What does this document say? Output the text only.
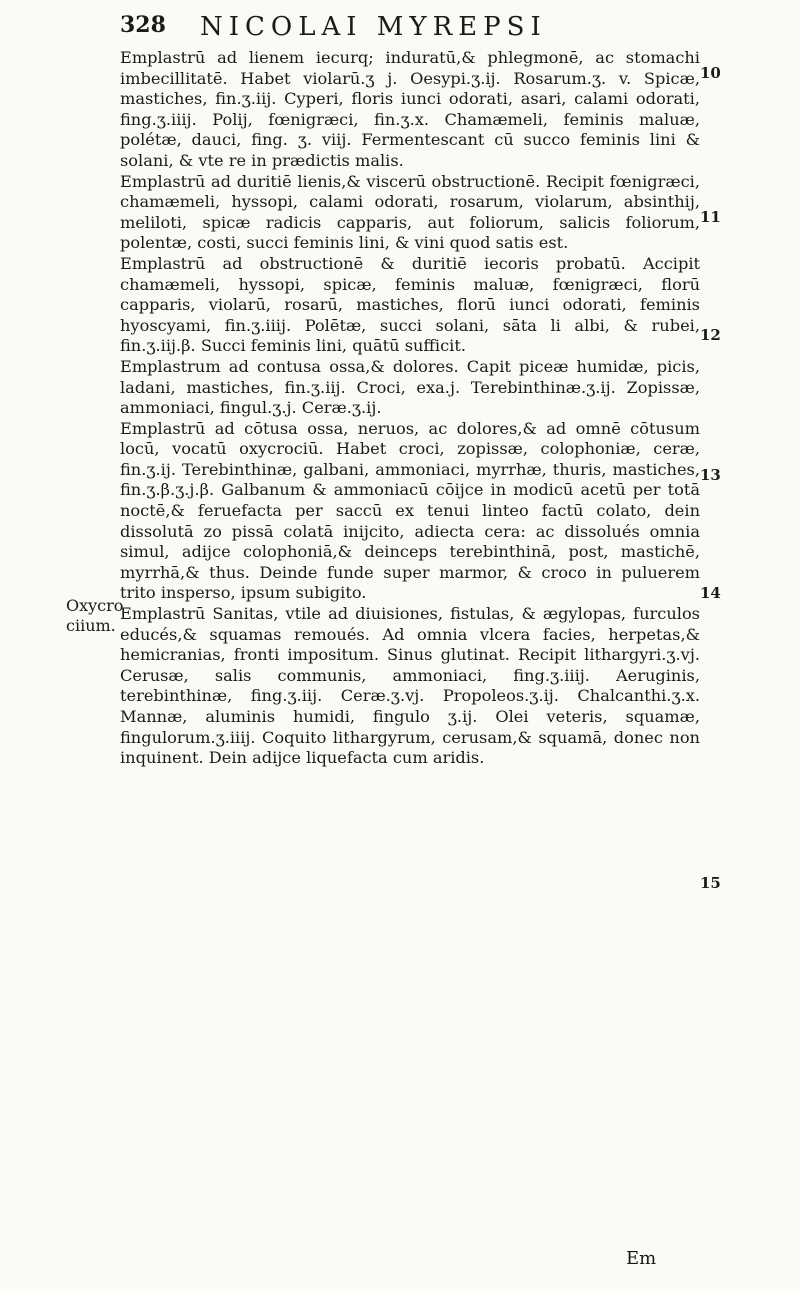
328 NICOLAI MYREPSI
Oxycro ciium.
10
11
12
13
14
15

Emplastrū ad lienem iecurq; induratū,& phlegmonē, ac stomachi imbecillitatē. Habet violarū.ʒ j. Oesypi.ʒ.ij. Rosarum.ʒ. v. Spicæ, mastiches, fin.ʒ.iij. Cyperi, floris iunci odorati, asari, calami odorati, fing.ʒ.iiij. Polij, fœnigræci, fin.ʒ.x. Chamæmeli, feminis maluæ, polétæ, dauci, fing. ʒ. viij. Fermentescant cū succo feminis lini & solani, & vte re in prædictis malis.

Emplastrū ad duritiē lienis,& viscerū obstructionē. Recipit fœnigræci, chamæmeli, hyssopi, calami odorati, rosarum, violarum, absinthij, meliloti, spicæ radicis capparis, aut foliorum, salicis foliorum, polentæ, costi, succi feminis lini, & vini quod satis est.

Emplastrū ad obstructionē & duritiē iecoris probatū. Accipit chamæmeli, hyssopi, spicæ, feminis maluæ, fœnigræci, florū capparis, violarū, rosarū, mastiches, florū iunci odorati, feminis hyoscyami, fin.ʒ.iiij. Polētæ, succi solani, sāta li albi, & rubei, fin.ʒ.iij.β. Succi feminis lini, quātū sufficit.

Emplastrum ad contusa ossa,& dolores. Capit piceæ humidæ, picis, ladani, mastiches, fin.ʒ.iij. Croci, exa.j. Terebinthinæ.ʒ.ij. Zopissæ, ammoniaci, fingul.ʒ.j. Ceræ.ʒ.ij.

Emplastrū ad cōtusa ossa, neruos, ac dolores,& ad omnē cōtusum locū, vocatū oxycrociū. Habet croci, zopissæ, colophoniæ, ceræ, fin.ʒ.ij. Terebinthinæ, galbani, ammoniaci, myrrhæ, thuris, mastiches, fin.ʒ.β.ʒ.j.β. Galbanum & ammoniacū cōijce in modicū acetū per totā noctē,& feruefacta per saccū ex tenui linteo factū colato, dein dissolutā zo pissā colatā inijcito, adiecta cera: ac dissolués omnia simul, adijce colophoniā,& deinceps terebinthinā, post, mastichē, myrrhā,& thus. Deinde funde super marmor, & croco in puluerem trito insperso, ipsum subigito.

Emplastrū Sanitas, vtile ad diuisiones, fistulas, & ægylopas, furculos educés,& squamas remoués. Ad omnia vlcera facies, herpetas,& hemicranias, fronti impositum. Sinus glutinat. Recipit lithargyri.ʒ.vj. Cerusæ, salis communis, ammoniaci, fing.ʒ.iiij. Aeruginis, terebinthinæ, fing.ʒ.iij. Ceræ.ʒ.vj. Propoleos.ʒ.ij. Chalcanthi.ʒ.x. Mannæ, aluminis humidi, fingulo ʒ.ij. Olei veteris, squamæ, fingulorum.ʒ.iiij. Coquito lithargyrum, cerusam,& squamā, donec non inquinent. Dein adijce liquefacta cum aridis.

Em
